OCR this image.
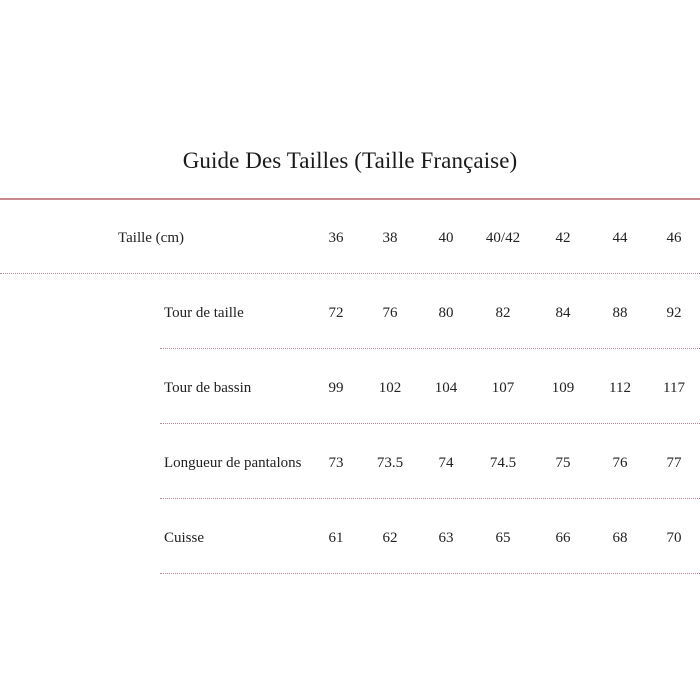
Guide Des Tailles (Taille Française)
Taille (cm)	36	38	40	40/42	42	44	46
Tour de taille	72	76	80	82	84	88	92
Tour de bassin	99	102	104	107	109	112	117
Longueur de pantalons	73	73.5	74	74.5	75	76	77
Cuisse	61	62	63	65	66	68	70
